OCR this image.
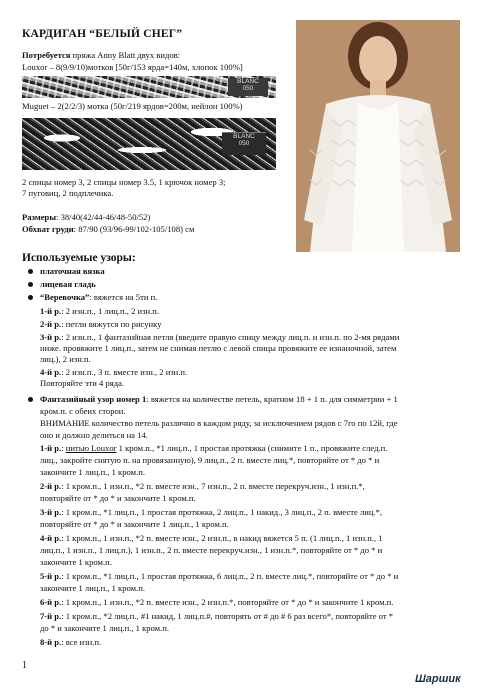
КАРДИГАН “БЕЛЫЙ СНЕГ”
Потребуется пряжа Anny Blatt двух видов:
Louxor – 8(9/9/10)мотков [50г/153 ярда=140м, хлопок 100%]
BLANC
050
Muguet – 2(2/2/3) мотка (50г/219 ярдов=200м, нейлон 100%)
BLANC
050
2 спицы номер 3, 2 спицы номер 3.5, 1 крючок номер 3;
7 пуговиц, 2 подплечика.
Размеры: 38/40(42/44-46/48-50/52)
Обхват груди: 87/90 (93/96-99/102-105/108) см
Используемые узоры:
платочная вязка
лицевая гладь
“Веревочка”: вяжется на 5ти п.
1-й р.: 2 изн.п., 1 лиц.п., 2 изн.п.
2-й р.: петли вяжутся по рисунку
3-й р.: 2 изн.п., 1 фантазийная петля (введите правую спицу между лиц.п. и изн.п. по 2-мя рядами
ниже. провяжите 1 лиц.п., затем не снимая петлю с левой спицы провяжите ее изнаночной, затем
лиц.), 2 изн.п.
4-й р.: 2 изн.п., 3 п. вместе изн., 2 изн.п.
Повторяйте эти 4 ряда.
Фантазийный узор номер 1: вяжется на количестве петель, кратном 18 + 1 п. для симметрии + 1
кром.п. с обеих сторон.
ВНИМАНИЕ количество петель различно в каждом ряду, за исключением рядов с 7го по 12й, где
оно и должно делиться на 14.
1-й р.: нитью Louxor 1 кром.п., *1 лиц.п., 1 простая протяжка (снимите 1 п., провяжите след.п.
лиц., закройте снятую п. на провязанную), 9 лиц.п., 2 п. вместе лиц.*, повторяйте от * до * и
закончите 1 лиц.п., 1 кром.п.
2-й р.: 1 кром.п., 1 изн.п., *2 п. вместе изн., 7 изн.п., 2 п. вместе перекруч.изн., 1 изн.п.*,
повторяйте от * до * и закончите 1 кром.п.
3-й р.: 1 кром.п., *1 лиц.п., 1 простая протяжка, 2 лиц.п., 1 накид., 3 лиц.п., 2 п. вместе лиц.*,
повторяйте от * до * и закончите 1 лиц.п., 1 кром.п.
4-й р.: 1 кром.п., 1 изн.п., *2 п. вместе изн., 2 изн.п., в накид вяжется 5 п. (1 лиц.п., 1 изн.п., 1
лиц.п., 1 изн.п., 1 лиц.п.), 1 изн.п., 2 п. вместе перекруч.изн., 1 изн.п.*, повторяйте от * до * и
закончите 1 кром.п.
5-й р.: 1 кром.п., *1 лиц.п., 1 простая протяжка, 6 лиц.п., 2 п. вместе лиц.*, повторяйте от * до * и
закончите 1 лиц.п., 1 кром.п.
6-й р.: 1 кром.п., 1 изн.п., *2 п. вместе изн., 2 изн.п.*, повторяйте от * до * и закончите 1 кром.п.
7-й р.: 1 кром.п., *2 лиц.п., #1 накид, 1 лиц.п.#, повторять от # до # 6 раз всего*, повторяйте от *
до * и закончите 1 лиц.п., 1 кром.п.
8-й р.: все изн.п.
1
Шаршик
